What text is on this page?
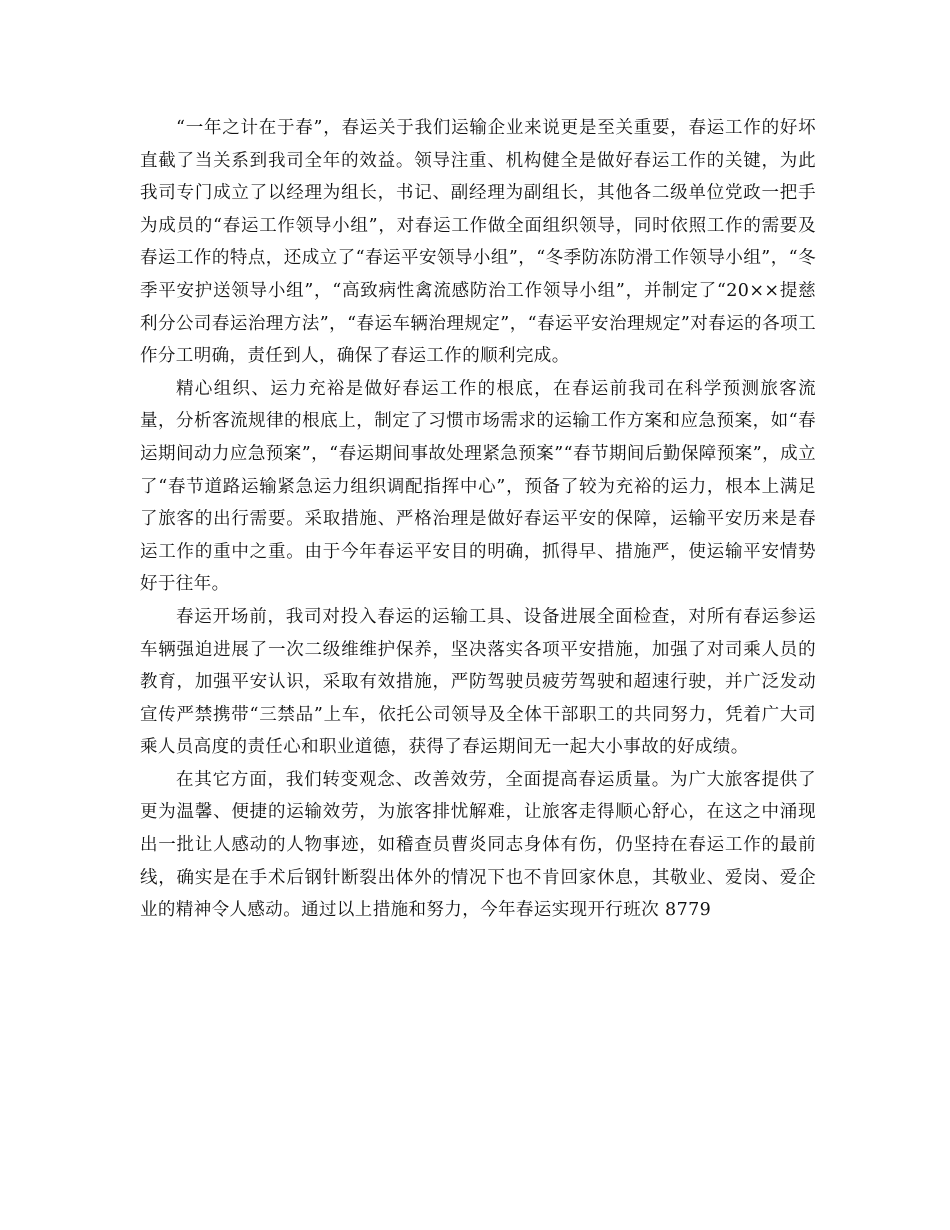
“一年之计在于春”，春运关于我们运输企业来说更是至关重要，春运工作的好坏直截了当关系到我司全年的效益。领导注重、机构健全是做好春运工作的关键，为此我司专门成立了以经理为组长，书记、副经理为副组长，其他各二级单位党政一把手为成员的“春运工作领导小组”，对春运工作做全面组织领导，同时依照工作的需要及春运工作的特点，还成立了“春运平安领导小组”，“冬季防冻防滑工作领导小组”，“冬季平安护送领导小组”，“高致病性禽流感防治工作领导小组”，并制定了“20××提慈利分公司春运治理方法”，“春运车辆治理规定”，“春运平安治理规定”对春运的各项工作分工明确，责任到人，确保了春运工作的顺利完成。

精心组织、运力充裕是做好春运工作的根底，在春运前我司在科学预测旅客流量，分析客流规律的根底上，制定了习惯市场需求的运输工作方案和应急预案，如“春运期间动力应急预案”，“春运期间事故处理紧急预案”“春节期间后勤保障预案”，成立了“春节道路运输紧急运力组织调配指挥中心”，预备了较为充裕的运力，根本上满足了旅客的出行需要。采取措施、严格治理是做好春运平安的保障，运输平安历来是春运工作的重中之重。由于今年春运平安目的明确，抓得早、措施严，使运输平安情势好于往年。

春运开场前，我司对投入春运的运输工具、设备进展全面检查，对所有春运参运车辆强迫进展了一次二级维维护保养，坚决落实各项平安措施，加强了对司乘人员的教育，加强平安认识，采取有效措施，严防驾驶员疲劳驾驶和超速行驶，并广泛发动宣传严禁携带“三禁品”上车，依托公司领导及全体干部职工的共同努力，凭着广大司乘人员高度的责任心和职业道德，获得了春运期间无一起大小事故的好成绩。

在其它方面，我们转变观念、改善效劳，全面提高春运质量。为广大旅客提供了更为温馨、便捷的运输效劳，为旅客排忧解难，让旅客走得顺心舒心，在这之中涌现出一批让人感动的人物事迹，如稽查员曹炎同志身体有伤，仍坚持在春运工作的最前线，确实是在手术后钢针断裂出体外的情况下也不肯回家休息，其敬业、爱岗、爱企业的精神令人感动。通过以上措施和努力，今年春运实现开行班次 8779
